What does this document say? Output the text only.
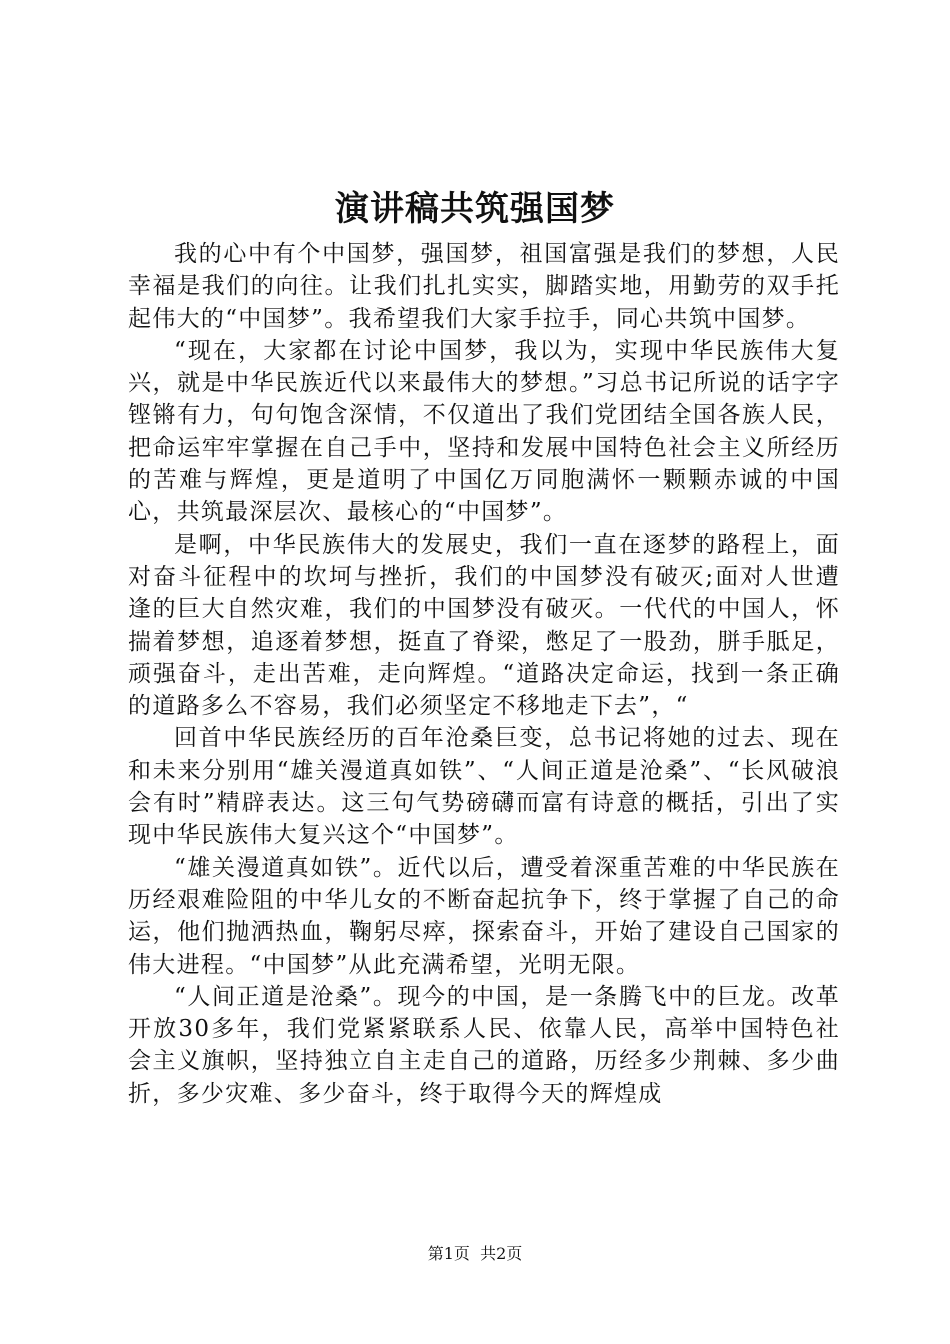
演讲稿共筑强国梦

我的心中有个中国梦，强国梦，祖国富强是我们的梦想，人民幸福是我们的向往。让我们扎扎实实，脚踏实地，用勤劳的双手托起伟大的“中国梦”。我希望我们大家手拉手，同心共筑中国梦。

“现在，大家都在讨论中国梦，我以为，实现中华民族伟大复兴，就是中华民族近代以来最伟大的梦想。”习总书记所说的话字字铿锵有力，句句饱含深情，不仅道出了我们党团结全国各族人民，把命运牢牢掌握在自己手中，坚持和发展中国特色社会主义所经历的苦难与辉煌，更是道明了中国亿万同胞满怀一颗颗赤诚的中国心，共筑最深层次、最核心的“中国梦”。

是啊，中华民族伟大的发展史，我们一直在逐梦的路程上，面对奋斗征程中的坎坷与挫折，我们的中国梦没有破灭;面对人世遭逢的巨大自然灾难，我们的中国梦没有破灭。一代代的中国人，怀揣着梦想，追逐着梦想，挺直了脊梁，憋足了一股劲，胼手胝足，顽强奋斗，走出苦难，走向辉煌。“道路决定命运，找到一条正确的道路多么不容易，我们必须坚定不移地走下去”，“

回首中华民族经历的百年沧桑巨变，总书记将她的过去、现在和未来分别用“雄关漫道真如铁”、“人间正道是沧桑”、“长风破浪会有时”精辟表达。这三句气势磅礴而富有诗意的概括，引出了实现中华民族伟大复兴这个“中国梦”。

“雄关漫道真如铁”。近代以后，遭受着深重苦难的中华民族在历经艰难险阻的中华儿女的不断奋起抗争下，终于掌握了自己的命运，他们抛洒热血，鞠躬尽瘁，探索奋斗，开始了建设自己国家的伟大进程。“中国梦”从此充满希望，光明无限。

“人间正道是沧桑”。现今的中国，是一条腾飞中的巨龙。改革开放30多年，我们党紧紧联系人民、依靠人民，高举中国特色社会主义旗帜，坚持独立自主走自己的道路，历经多少荆棘、多少曲折，多少灾难、多少奋斗，终于取得今天的辉煌成

第1页 共2页
